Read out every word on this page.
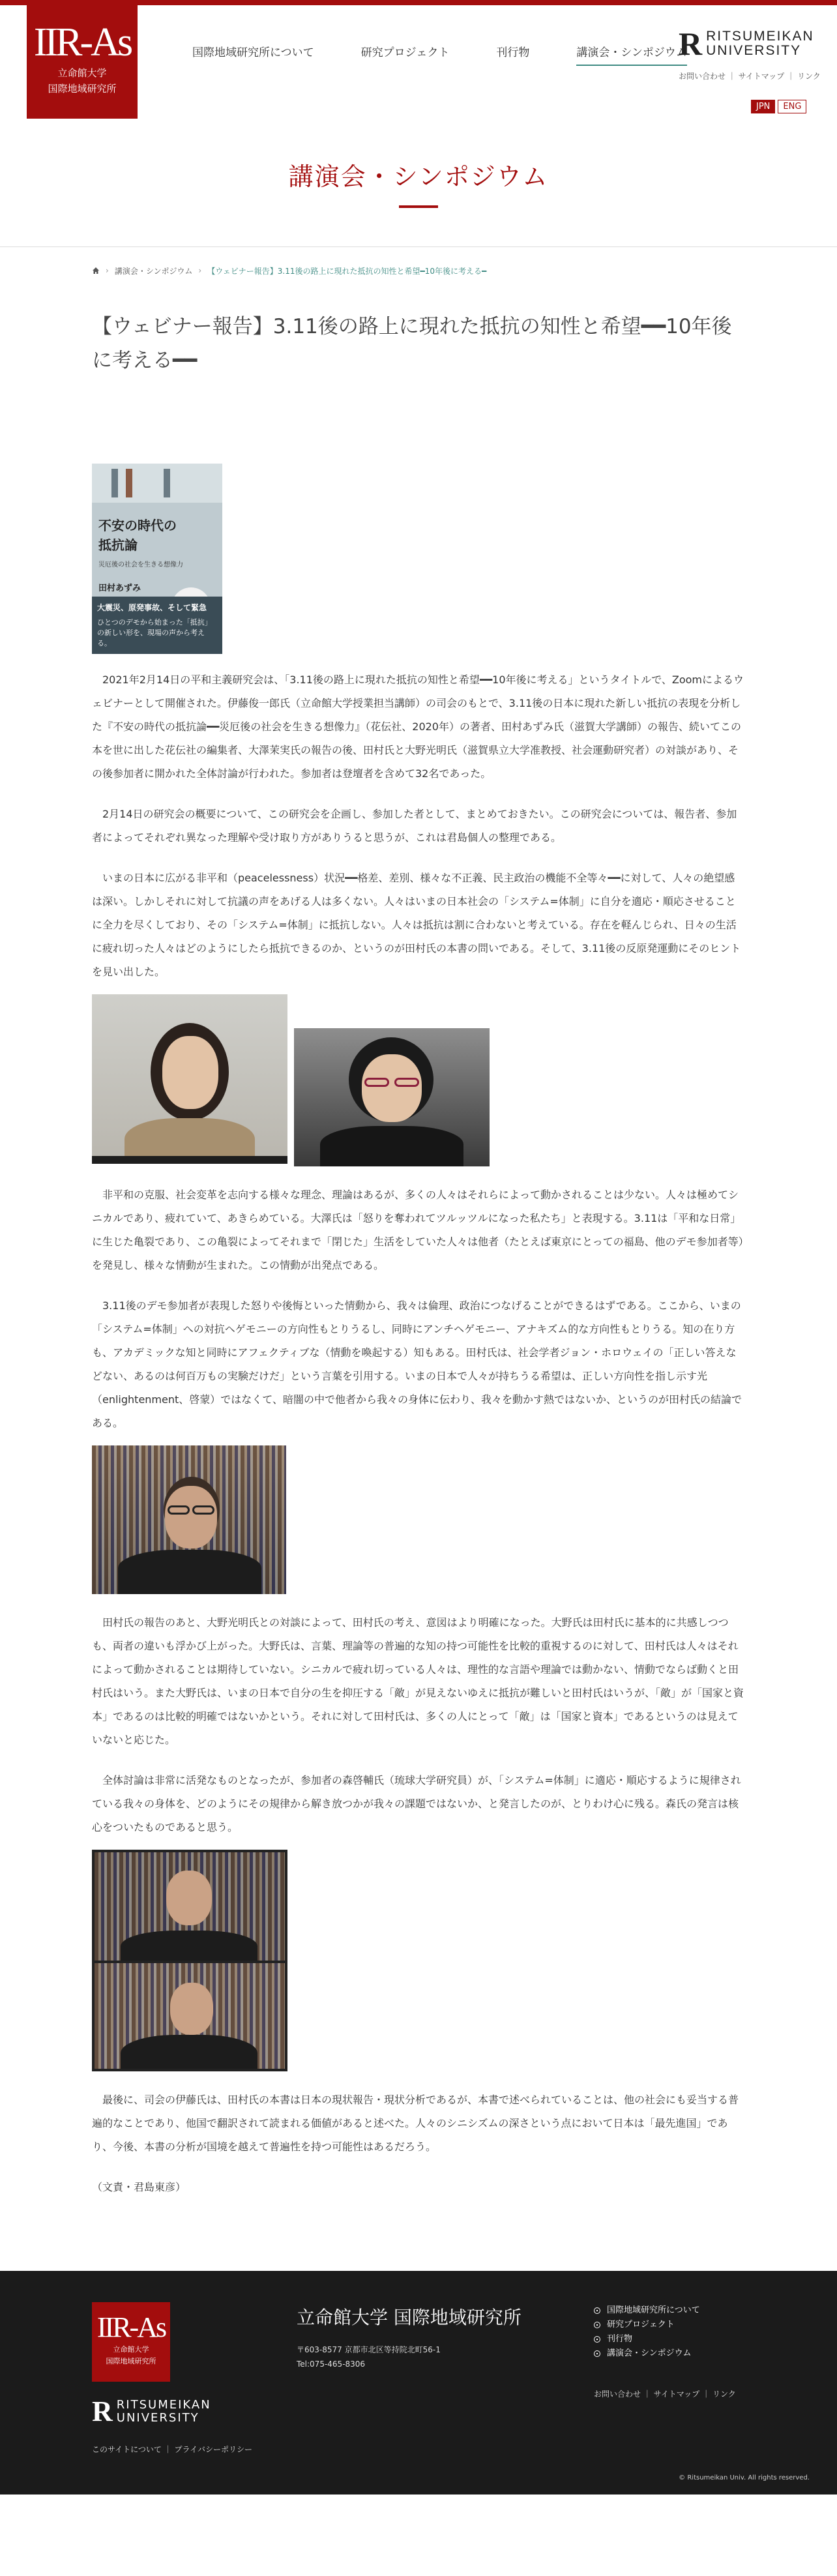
IIR-As
立命館大学
国際地域研究所
国際地域研究所について	研究プロジェクト	刊行物	講演会・シンポジウム
R RITSUMEIKAN
UNIVERSITY
お問い合わせ ｜ サイトマップ ｜ リンク
JPN	ENG
講演会・シンポジウム
› 講演会・シンポジウム › 【ウェビナー報告】3.11後の路上に現れた抵抗の知性と希望━10年後に考える━
【ウェビナー報告】3.11後の路上に現れた抵抗の知性と希望━━10年後に考える━━
不安の時代の
抵抗論
災厄後の社会を生きる想像力
田村あずみ
大震災、原発事故、そして緊急
ひとつのデモから始まった「抵抗」の新しい形を、現場の声から考える。

2021年2月14日の平和主義研究会は、「3.11後の路上に現れた抵抗の知性と希望━━10年後に考える」というタイトルで、Zoomによるウェビナーとして開催された。伊藤俊一郎氏（立命館大学授業担当講師）の司会のもとで、3.11後の日本に現れた新しい抵抗の表現を分析した『不安の時代の抵抗論━━災厄後の社会を生きる想像力』（花伝社、2020年）の著者、田村あずみ氏（滋賀大学講師）の報告、続いてこの本を世に出した花伝社の編集者、大澤茉実氏の報告の後、田村氏と大野光明氏（滋賀県立大学准教授、社会運動研究者）の対談があり、その後参加者に開かれた全体討論が行われた。参加者は登壇者を含めて32名であった。

2月14日の研究会の概要について、この研究会を企画し、参加した者として、まとめておきたい。この研究会については、報告者、参加者によってそれぞれ異なった理解や受け取り方がありうると思うが、これは君島個人の整理である。

いまの日本に広がる非平和（peacelessness）状況━━格差、差別、様々な不正義、民主政治の機能不全等々━━に対して、人々の絶望感は深い。しかしそれに対して抗議の声をあげる人は多くない。人々はいまの日本社会の「システム=体制」に自分を適応・順応させることに全力を尽くしており、その「システム=体制」に抵抗しない。人々は抵抗は割に合わないと考えている。存在を軽んじられ、日々の生活に疲れ切った人々はどのようにしたら抵抗できるのか、というのが田村氏の本書の問いである。そして、3.11後の反原発運動にそのヒントを見い出した。

非平和の克服、社会変革を志向する様々な理念、理論はあるが、多くの人々はそれらによって動かされることは少ない。人々は極めてシニカルであり、疲れていて、あきらめている。大澤氏は「怒りを奪われてツルッツルになった私たち」と表現する。3.11は「平和な日常」に生じた亀裂であり、この亀裂によってそれまで「閉じた」生活をしていた人々は他者（たとえば東京にとっての福島、他のデモ参加者等）を発見し、様々な情動が生まれた。この情動が出発点である。

3.11後のデモ参加者が表現した怒りや後悔といった情動から、我々は倫理、政治につなげることができるはずである。ここから、いまの「システム=体制」への対抗ヘゲモニーの方向性もとりうるし、同時にアンチヘゲモニー、アナキズム的な方向性もとりうる。知の在り方も、アカデミックな知と同時にアフェクティブな（情動を喚起する）知もある。田村氏は、社会学者ジョン・ホロウェイの「正しい答えなどない、あるのは何百万もの実験だけだ」という言葉を引用する。いまの日本で人々が持ちうる希望は、正しい方向性を指し示す光（enlightenment、啓蒙）ではなくて、暗闇の中で他者から我々の身体に伝わり、我々を動かす熱ではないか、というのが田村氏の結論である。

田村氏の報告のあと、大野光明氏との対談によって、田村氏の考え、意図はより明確になった。大野氏は田村氏に基本的に共感しつつも、両者の違いも浮かび上がった。大野氏は、言葉、理論等の普遍的な知の持つ可能性を比較的重視するのに対して、田村氏は人々はそれによって動かされることは期待していない。シニカルで疲れ切っている人々は、理性的な言語や理論では動かない、情動でならば動くと田村氏はいう。また大野氏は、いまの日本で自分の生を抑圧する「敵」が見えないゆえに抵抗が難しいと田村氏はいうが、「敵」が「国家と資本」であるのは比較的明確ではないかという。それに対して田村氏は、多くの人にとって「敵」は「国家と資本」であるというのは見えていないと応じた。

全体討論は非常に活発なものとなったが、参加者の森啓輔氏（琉球大学研究員）が、「システム=体制」に適応・順応するように規律されている我々の身体を、どのようにその規律から解き放つかが我々の課題ではないか、と発言したのが、とりわけ心に残る。森氏の発言は核心をついたものであると思う。

最後に、司会の伊藤氏は、田村氏の本書は日本の現状報告・現状分析であるが、本書で述べられていることは、他の社会にも妥当する普遍的なことであり、他国で翻訳されて読まれる価値があると述べた。人々のシニシズムの深さという点において日本は「最先進国」であり、今後、本書の分析が国境を越えて普遍性を持つ可能性はあるだろう。

（文責・君島東彦）

IIR-As
立命館大学
国際地域研究所
R RITSUMEIKAN
UNIVERSITY
このサイトについて ｜ プライバシーポリシー
立命館大学 国際地域研究所
〒603-8577 京都市北区等持院北町56-1
Tel:075-465-8306
国際地域研究所について
研究プロジェクト
刊行物
講演会・シンポジウム
お問い合わせ ｜ サイトマップ ｜ リンク
© Ritsumeikan Univ. All rights reserved.
